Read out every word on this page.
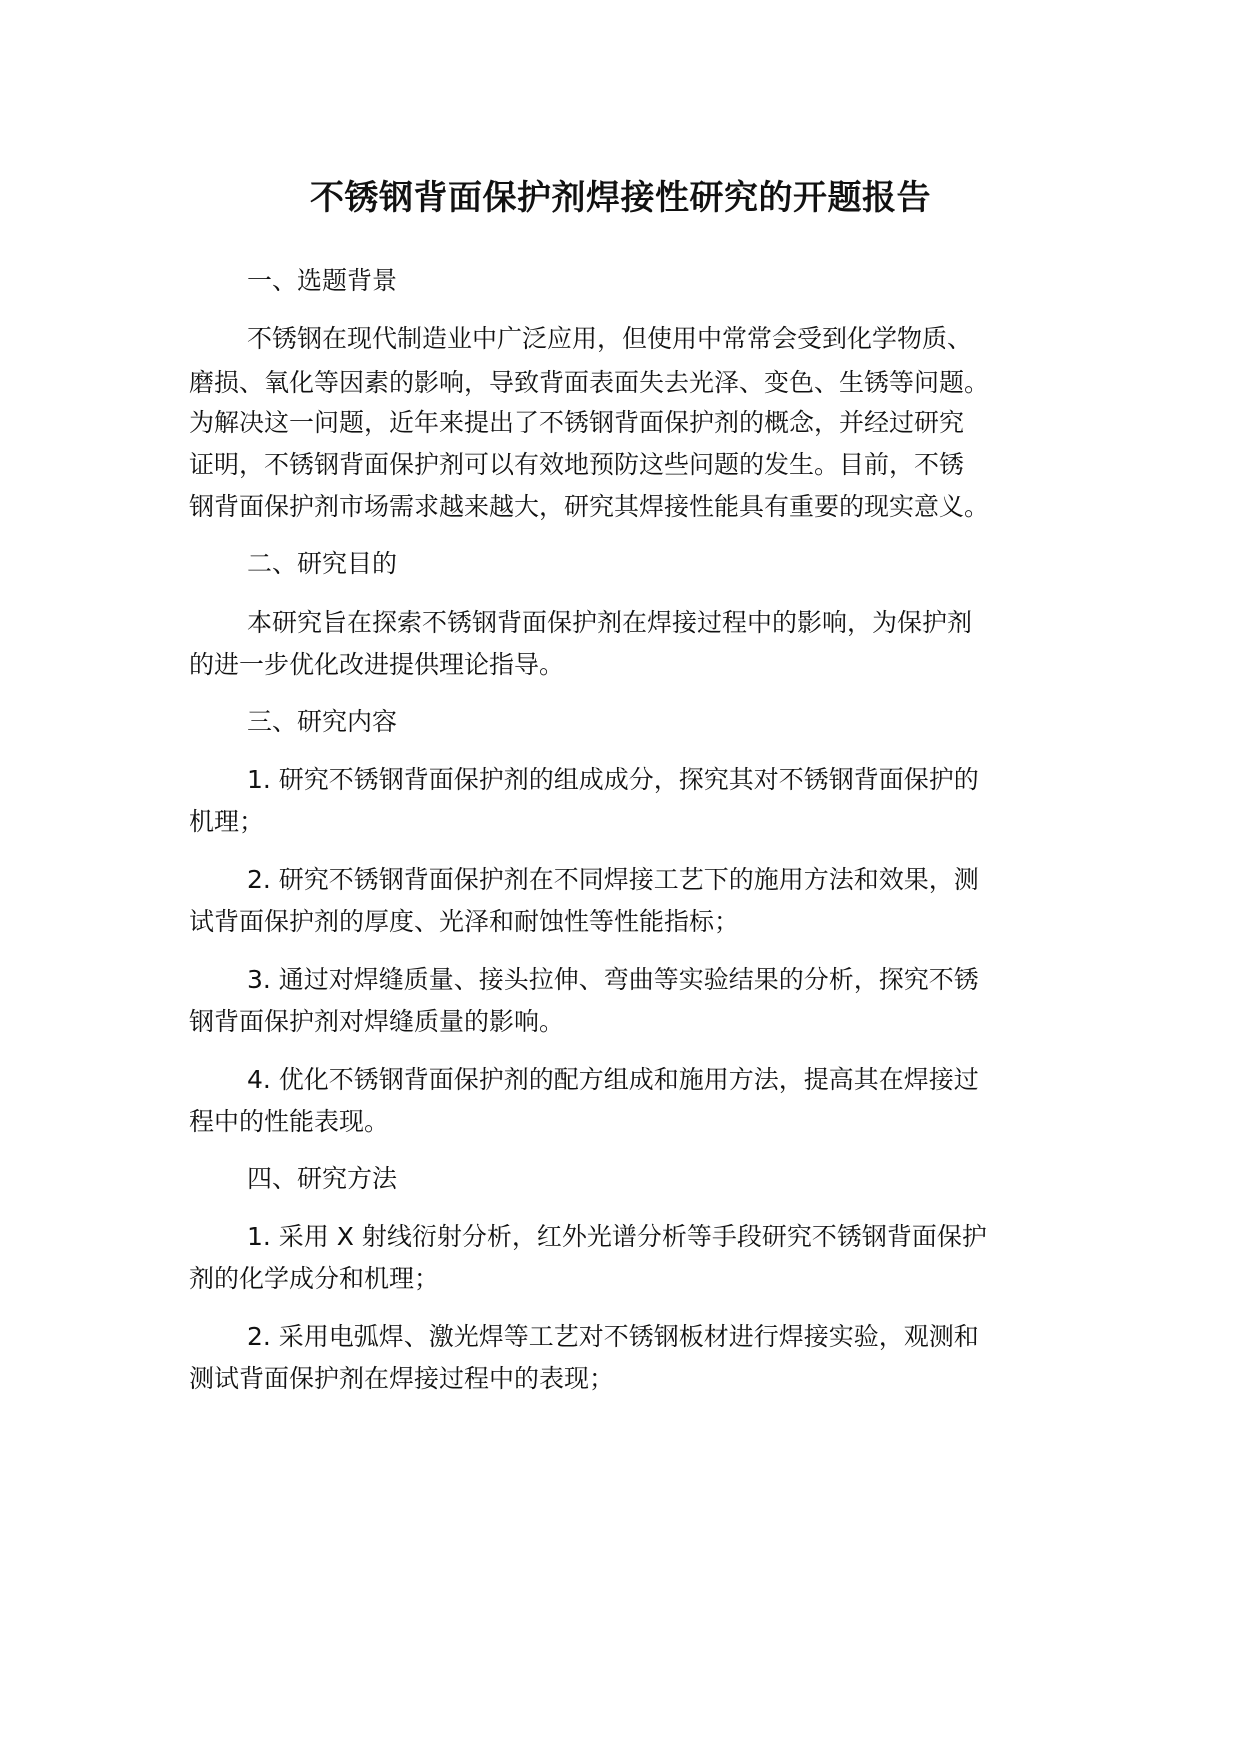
不锈钢背面保护剂焊接性研究的开题报告

一、选题背景

不锈钢在现代制造业中广泛应用，但使用中常常会受到化学物质、

磨损、氧化等因素的影响，导致背面表面失去光泽、变色、生锈等问题。

为解决这一问题，近年来提出了不锈钢背面保护剂的概念，并经过研究

证明，不锈钢背面保护剂可以有效地预防这些问题的发生。目前，不锈

钢背面保护剂市场需求越来越大，研究其焊接性能具有重要的现实意义。

二、研究目的

本研究旨在探索不锈钢背面保护剂在焊接过程中的影响，为保护剂

的进一步优化改进提供理论指导。

三、研究内容

1. 研究不锈钢背面保护剂的组成成分，探究其对不锈钢背面保护的

机理；

2. 研究不锈钢背面保护剂在不同焊接工艺下的施用方法和效果，测

试背面保护剂的厚度、光泽和耐蚀性等性能指标；

3. 通过对焊缝质量、接头拉伸、弯曲等实验结果的分析，探究不锈

钢背面保护剂对焊缝质量的影响。

4. 优化不锈钢背面保护剂的配方组成和施用方法，提高其在焊接过

程中的性能表现。

四、研究方法

1. 采用 X 射线衍射分析，红外光谱分析等手段研究不锈钢背面保护

剂的化学成分和机理；

2. 采用电弧焊、激光焊等工艺对不锈钢板材进行焊接实验，观测和

测试背面保护剂在焊接过程中的表现；
